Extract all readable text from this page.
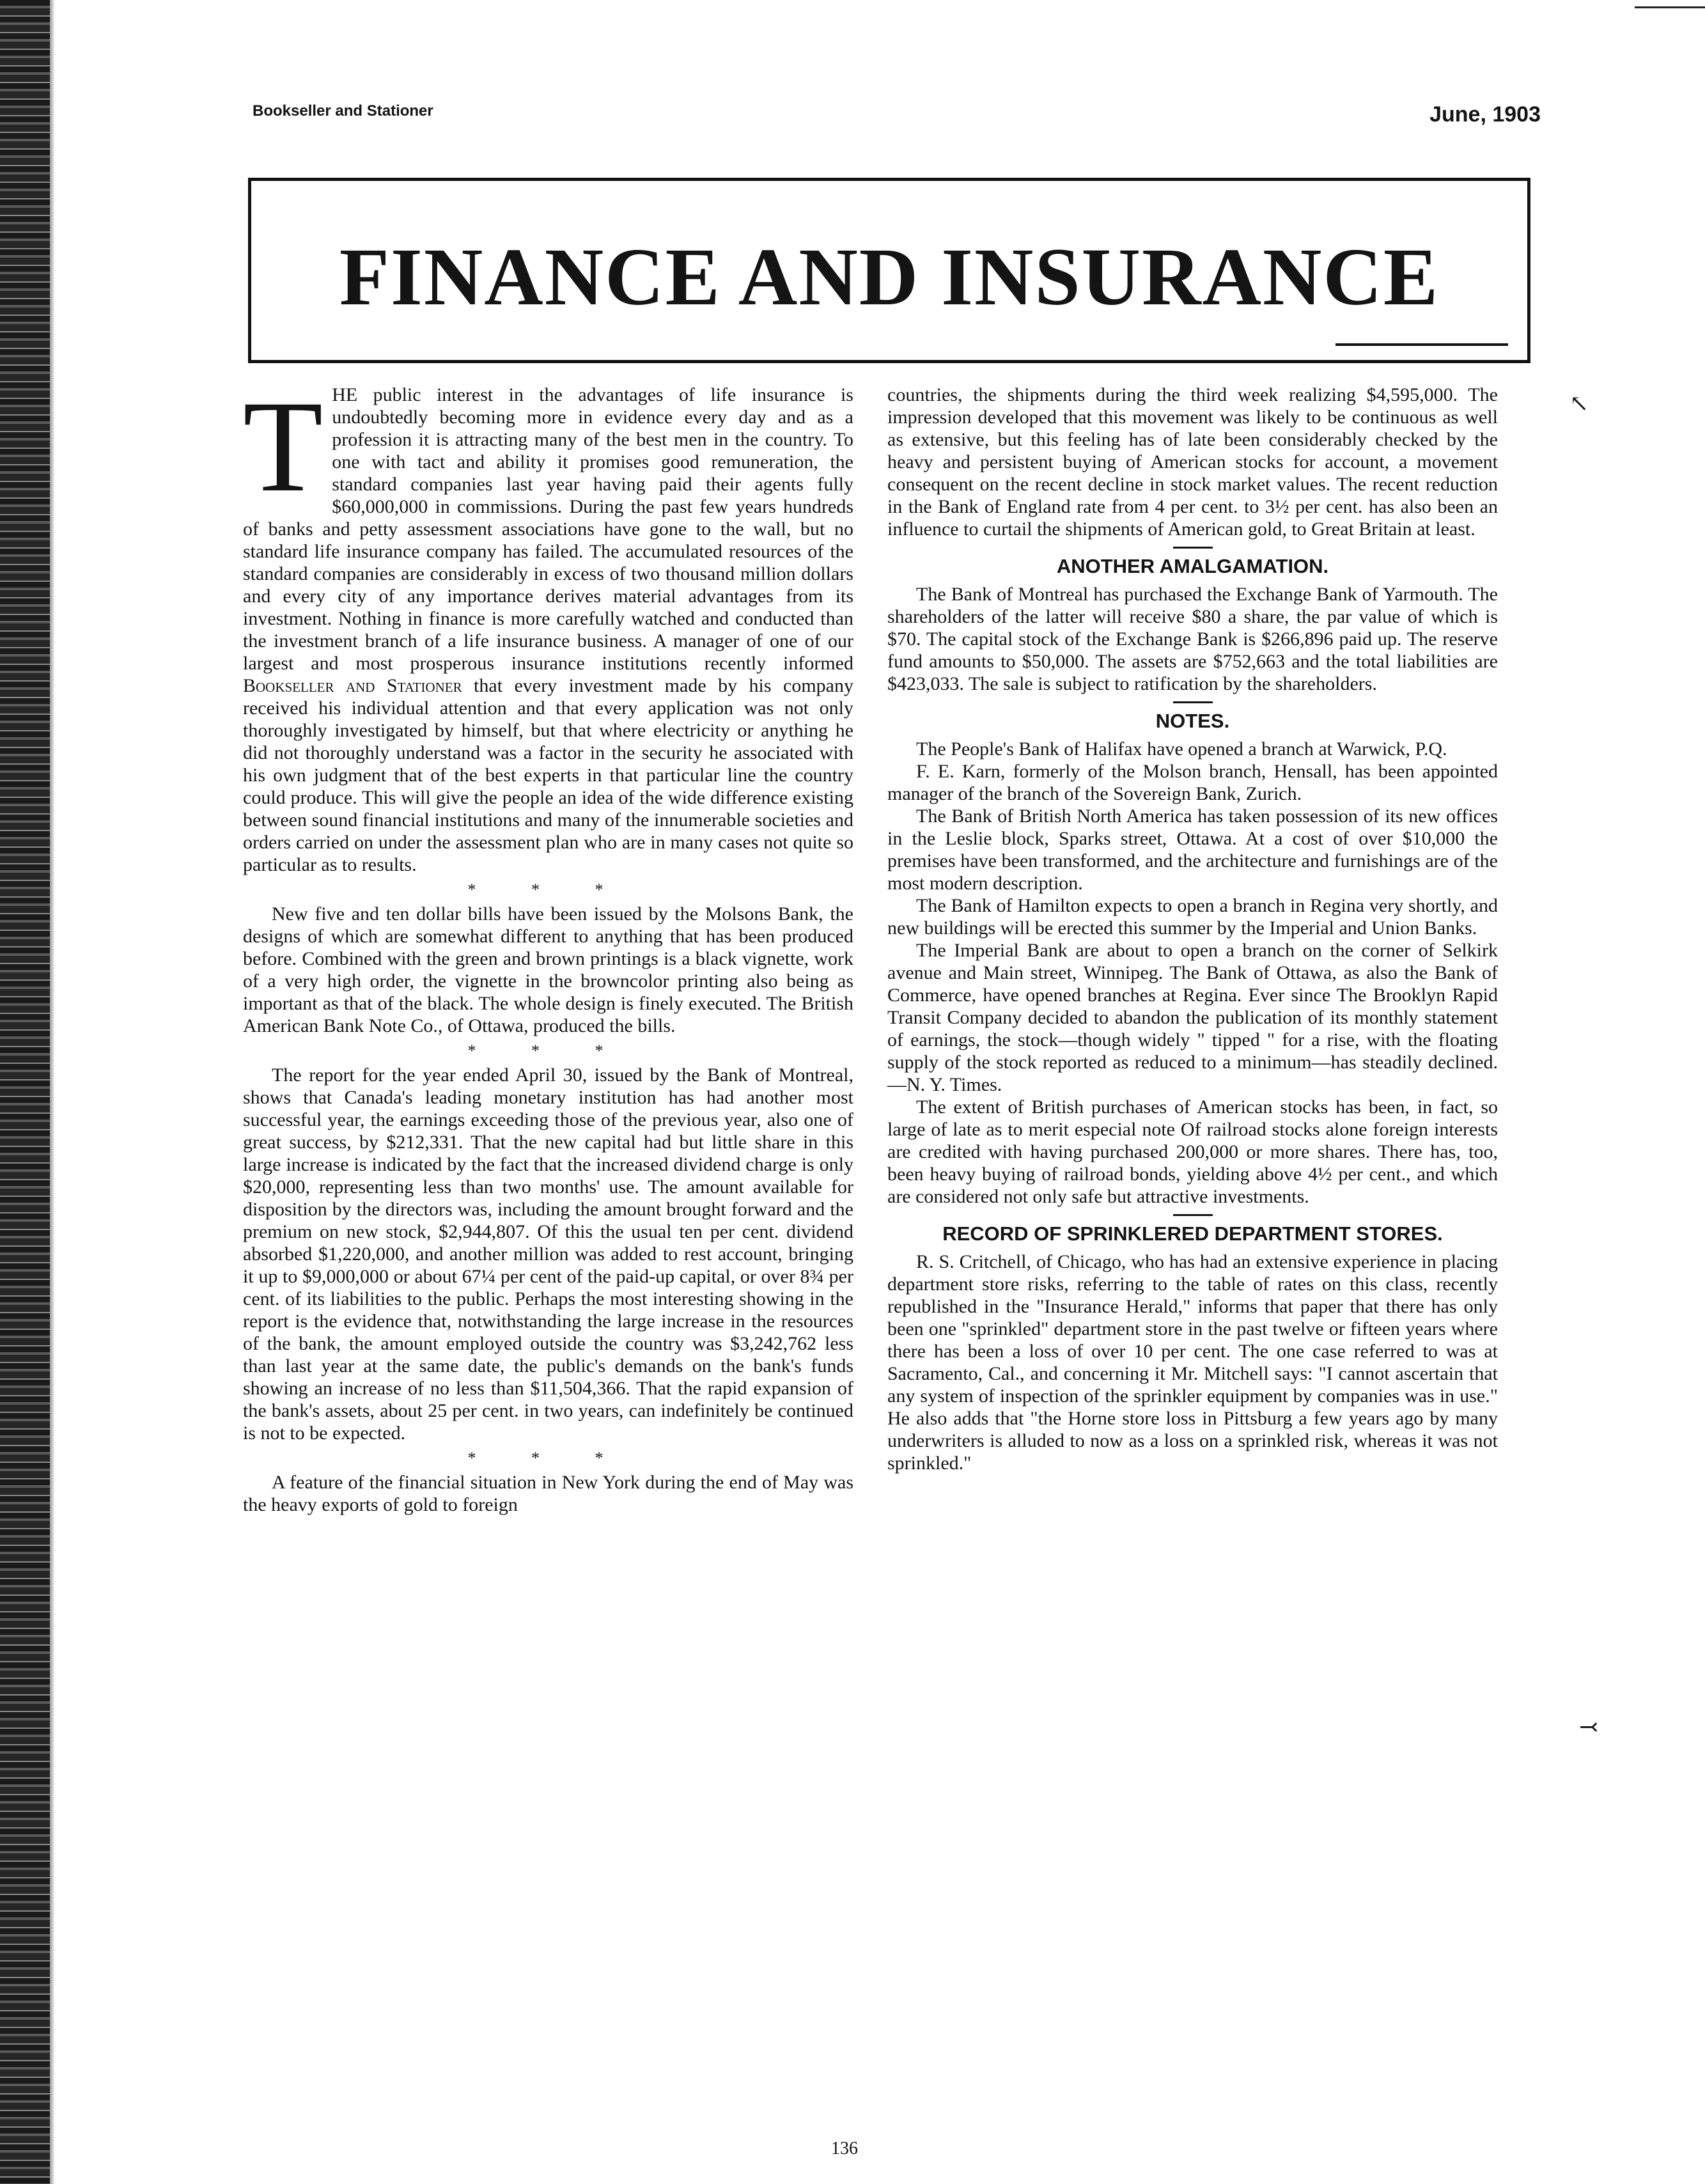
Bookseller and Stationer	June, 1903
FINANCE AND INSURANCE

THE public interest in the advantages of life insurance is undoubtedly becoming more in evidence every day and as a profession it is attracting many of the best men in the country. To one with tact and ability it promises good remuneration, the standard companies last year having paid their agents fully $60,000,000 in commissions. During the past few years hundreds of banks and petty assessment associations have gone to the wall, but no standard life insurance company has failed. The accumulated resources of the standard companies are considerably in excess of two thousand million dollars and every city of any importance derives material advantages from its investment. Nothing in finance is more carefully watched and conducted than the investment branch of a life insurance business. A manager of one of our largest and most prosperous insurance institutions recently informed Bookseller and Stationer that every investment made by his company received his individual attention and that every application was not only thoroughly investigated by himself, but that where electricity or anything he did not thoroughly understand was a factor in the security he associated with his own judgment that of the best experts in that particular line the country could produce. This will give the people an idea of the wide difference existing between sound financial institutions and many of the innumerable societies and orders carried on under the assessment plan who are in many cases not quite so particular as to results.

* * *

New five and ten dollar bills have been issued by the Molsons Bank, the designs of which are somewhat different to anything that has been produced before. Combined with the green and brown printings is a black vignette, work of a very high order, the vignette in the browncolor printing also being as important as that of the black. The whole design is finely executed. The British American Bank Note Co., of Ottawa, produced the bills.

* * *

The report for the year ended April 30, issued by the Bank of Montreal, shows that Canada's leading monetary institution has had another most successful year, the earnings exceeding those of the previous year, also one of great success, by $212,331. That the new capital had but little share in this large increase is indicated by the fact that the increased dividend charge is only $20,000, representing less than two months' use. The amount available for disposition by the directors was, including the amount brought forward and the premium on new stock, $2,944,807. Of this the usual ten per cent. dividend absorbed $1,220,000, and another million was added to rest account, bringing it up to $9,000,000 or about 67¼ per cent of the paid-up capital, or over 8¾ per cent. of its liabilities to the public. Perhaps the most interesting showing in the report is the evidence that, notwithstanding the large increase in the resources of the bank, the amount employed outside the country was $3,242,762 less than last year at the same date, the public's demands on the bank's funds showing an increase of no less than $11,504,366. That the rapid expansion of the bank's assets, about 25 per cent. in two years, can indefinitely be continued is not to be expected.

* * *

A feature of the financial situation in New York during the end of May was the heavy exports of gold to foreign

countries, the shipments during the third week realizing $4,595,000. The impression developed that this movement was likely to be continuous as well as extensive, but this feeling has of late been considerably checked by the heavy and persistent buying of American stocks for account, a movement consequent on the recent decline in stock market values. The recent reduction in the Bank of England rate from 4 per cent. to 3½ per cent. has also been an influence to curtail the shipments of American gold, to Great Britain at least.

ANOTHER AMALGAMATION.

The Bank of Montreal has purchased the Exchange Bank of Yarmouth. The shareholders of the latter will receive $80 a share, the par value of which is $70. The capital stock of the Exchange Bank is $266,896 paid up. The reserve fund amounts to $50,000. The assets are $752,663 and the total liabilities are $423,033. The sale is subject to ratification by the shareholders.

NOTES.

The People's Bank of Halifax have opened a branch at Warwick, P.Q.

F. E. Karn, formerly of the Molson branch, Hensall, has been appointed manager of the branch of the Sovereign Bank, Zurich.

The Bank of British North America has taken possession of its new offices in the Leslie block, Sparks street, Ottawa. At a cost of over $10,000 the premises have been transformed, and the architecture and furnishings are of the most modern description.

The Bank of Hamilton expects to open a branch in Regina very shortly, and new buildings will be erected this summer by the Imperial and Union Banks.

The Imperial Bank are about to open a branch on the corner of Selkirk avenue and Main street, Winnipeg. The Bank of Ottawa, as also the Bank of Commerce, have opened branches at Regina. Ever since The Brooklyn Rapid Transit Company decided to abandon the publication of its monthly statement of earnings, the stock—though widely " tipped " for a rise, with the floating supply of the stock reported as reduced to a minimum—has steadily declined.—N. Y. Times.

The extent of British purchases of American stocks has been, in fact, so large of late as to merit especial note Of railroad stocks alone foreign interests are credited with having purchased 200,000 or more shares. There has, too, been heavy buying of railroad bonds, yielding above 4½ per cent., and which are considered not only safe but attractive investments.

RECORD OF SPRINKLERED DEPARTMENT STORES.

R. S. Critchell, of Chicago, who has had an extensive experience in placing department store risks, referring to the table of rates on this class, recently republished in the "Insurance Herald," informs that paper that there has only been one "sprinkled" department store in the past twelve or fifteen years where there has been a loss of over 10 per cent. The one case referred to was at Sacramento, Cal., and concerning it Mr. Mitchell says: "I cannot ascertain that any system of inspection of the sprinkler equipment by companies was in use." He also adds that "the Horne store loss in Pittsburg a few years ago by many underwriters is alluded to now as a loss on a sprinkled risk, whereas it was not sprinkled."

↖
⤙
136
